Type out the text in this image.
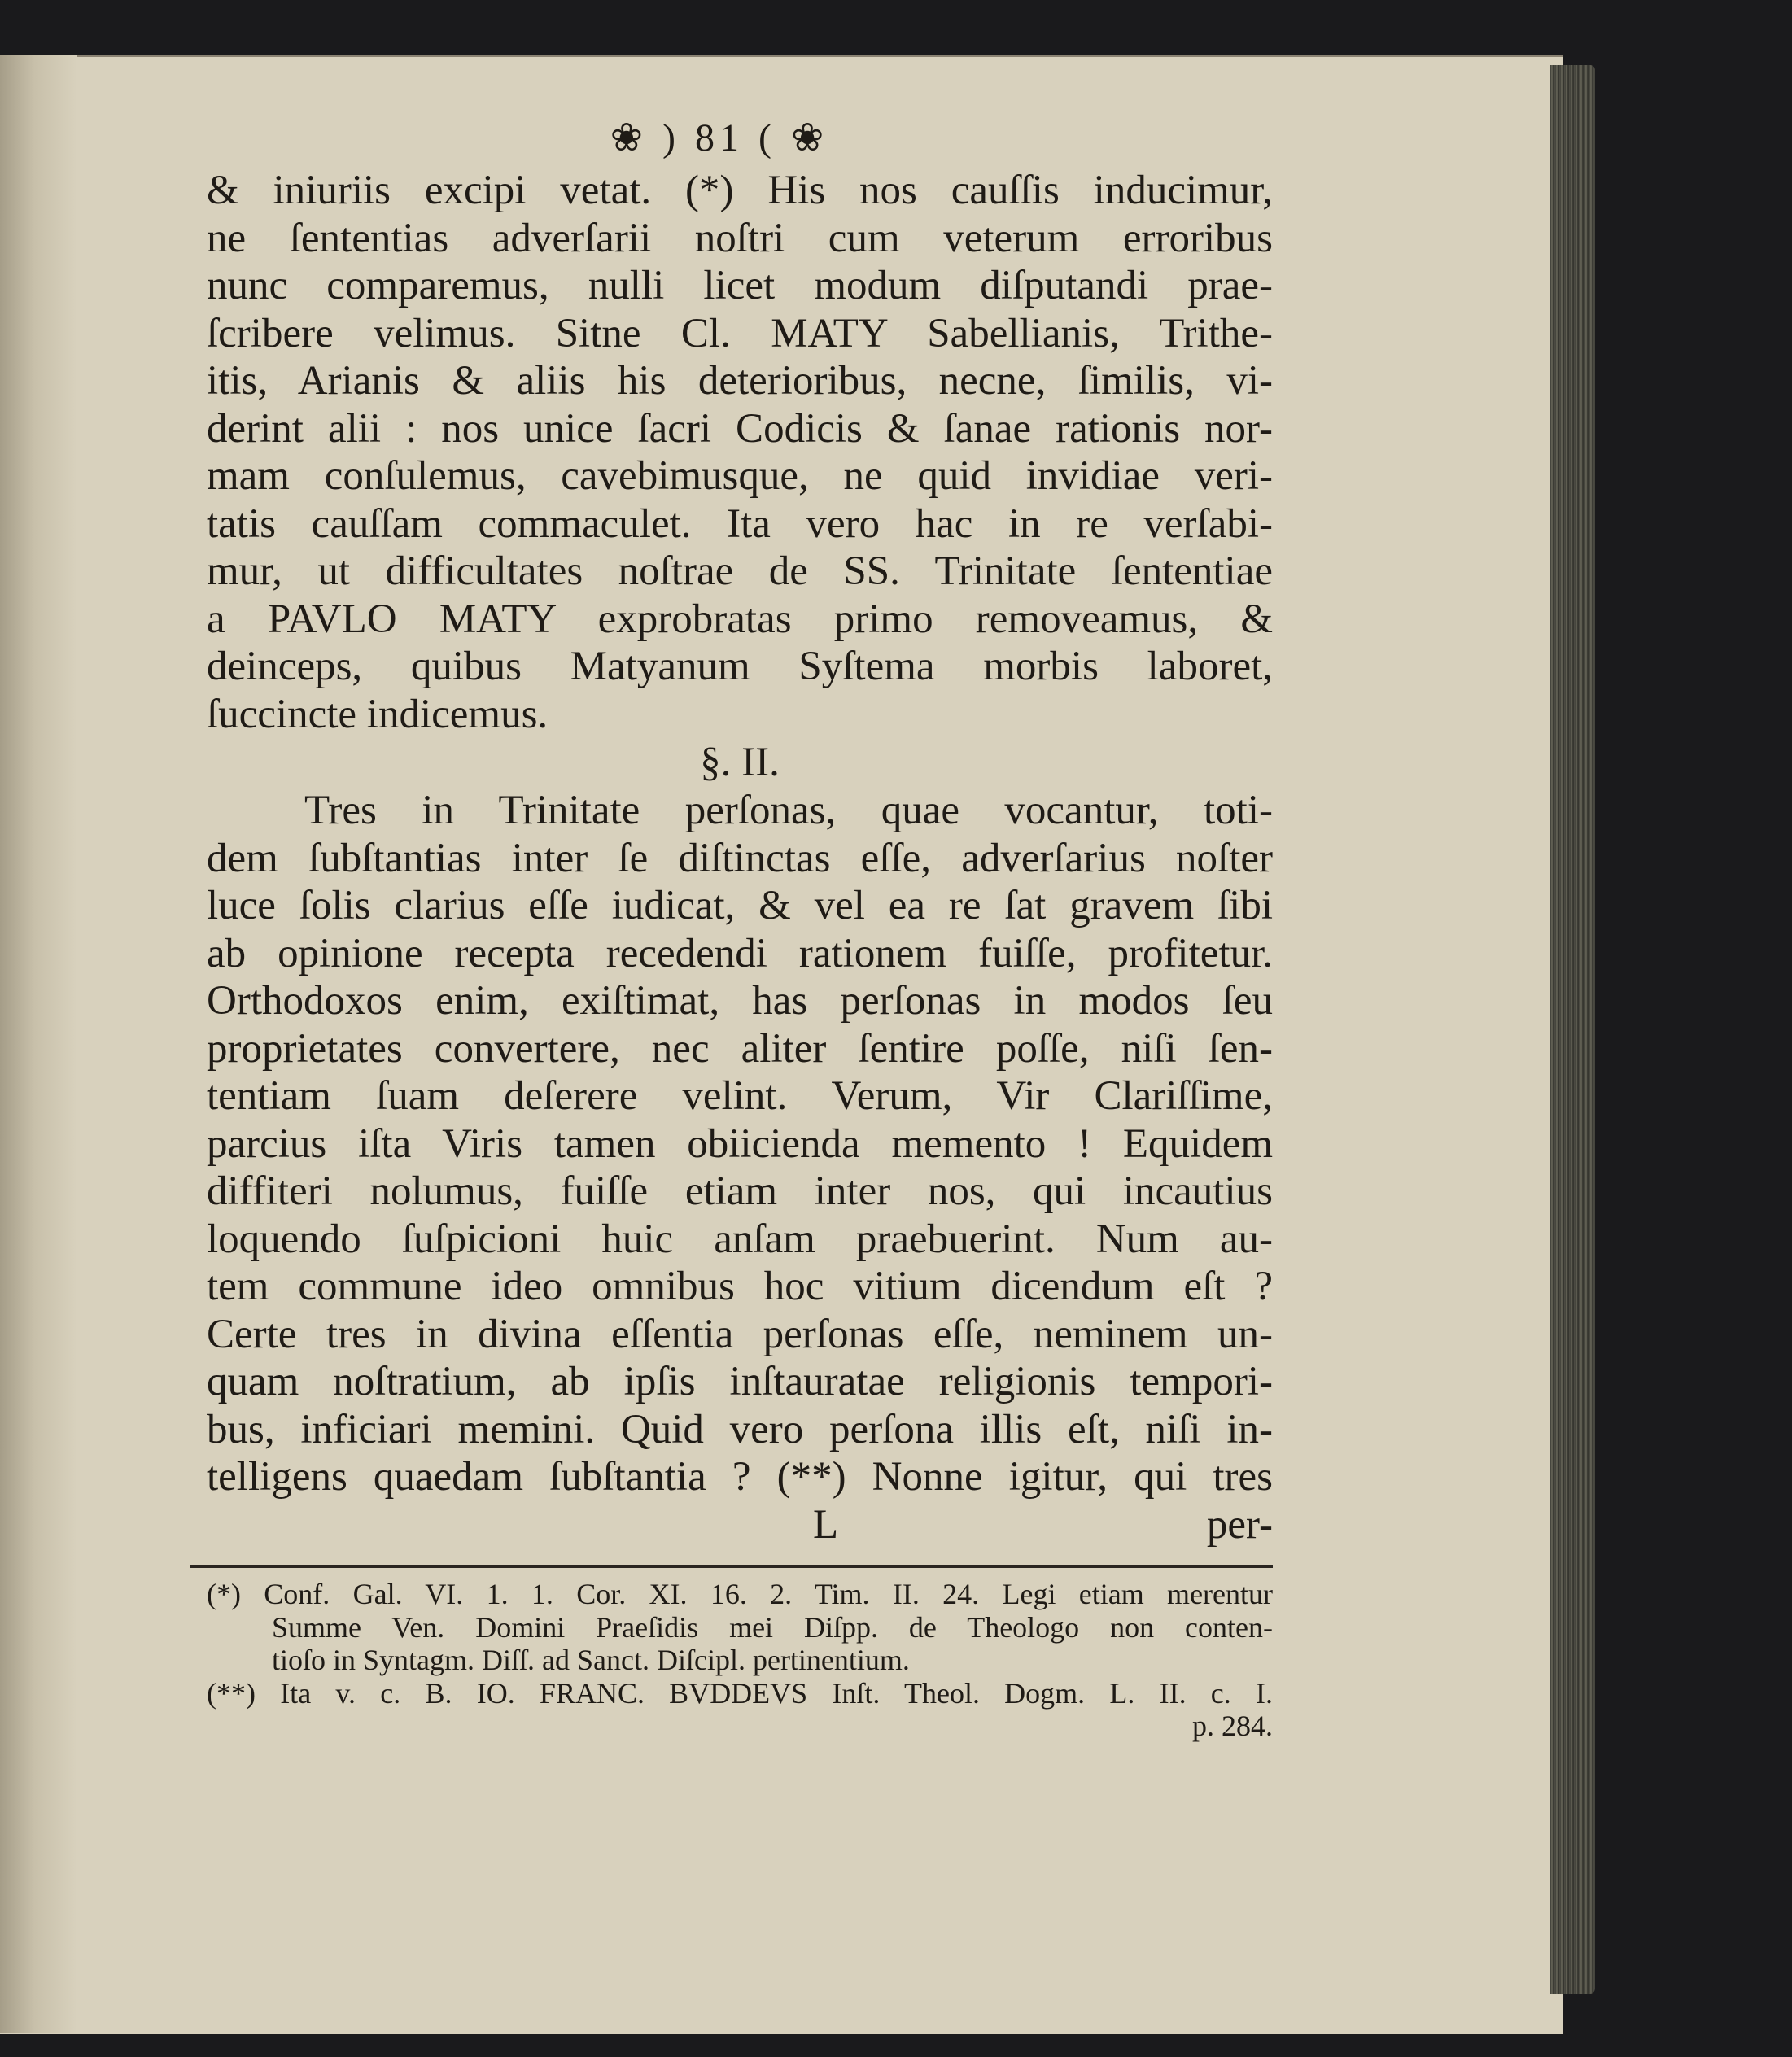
❀ ) 81 ( ❀
& iniuriis excipi vetat. (*) His nos cauſſis inducimur,
ne ſententias adverſarii noſtri cum veterum erroribus
nunc comparemus, nulli licet modum diſputandi prae-
ſcribere velimus. Sitne Cl. MATY Sabellianis, Trithe-
itis, Arianis & aliis his deterioribus, necne, ſimilis, vi-
derint alii : nos unice ſacri Codicis & ſanae rationis nor-
mam conſulemus, cavebimusque, ne quid invidiae veri-
tatis cauſſam commaculet. Ita vero hac in re verſabi-
mur, ut difficultates noſtrae de SS. Trinitate ſententiae
a PAVLO MATY exprobratas primo removeamus, &
deinceps, quibus Matyanum Syſtema morbis laboret,
ſuccincte indicemus.
§. II.
Tres in Trinitate perſonas, quae vocantur, toti-
dem ſubſtantias inter ſe diſtinctas eſſe, adverſarius noſter
luce ſolis clarius eſſe iudicat, & vel ea re ſat gravem ſibi
ab opinione recepta recedendi rationem fuiſſe, profitetur.
Orthodoxos enim, exiſtimat, has perſonas in modos ſeu
proprietates convertere, nec aliter ſentire poſſe, niſi ſen-
tentiam ſuam deſerere velint. Verum, Vir Clariſſime,
parcius iſta Viris tamen obiicienda memento ! Equidem
diffiteri nolumus, fuiſſe etiam inter nos, qui incautius
loquendo ſuſpicioni huic anſam praebuerint. Num au-
tem commune ideo omnibus hoc vitium dicendum eſt ?
Certe tres in divina eſſentia perſonas eſſe, neminem un-
quam noſtratium, ab ipſis inſtauratae religionis tempori-
bus, inficiari memini. Quid vero perſona illis eſt, niſi in-
telligens quaedam ſubſtantia ? (**) Nonne igitur, qui tres
L	per-
(*) Conf. Gal. VI. 1. 1. Cor. XI. 16. 2. Tim. II. 24. Legi etiam merentur
Summe Ven. Domini Praeſidis mei Diſpp. de Theologo non conten-
tioſo in Syntagm. Diſſ. ad Sanct. Diſcipl. pertinentium.
(**) Ita v. c. B. IO. FRANC. BVDDEVS Inſt. Theol. Dogm. L. II. c. I.
p. 284.
